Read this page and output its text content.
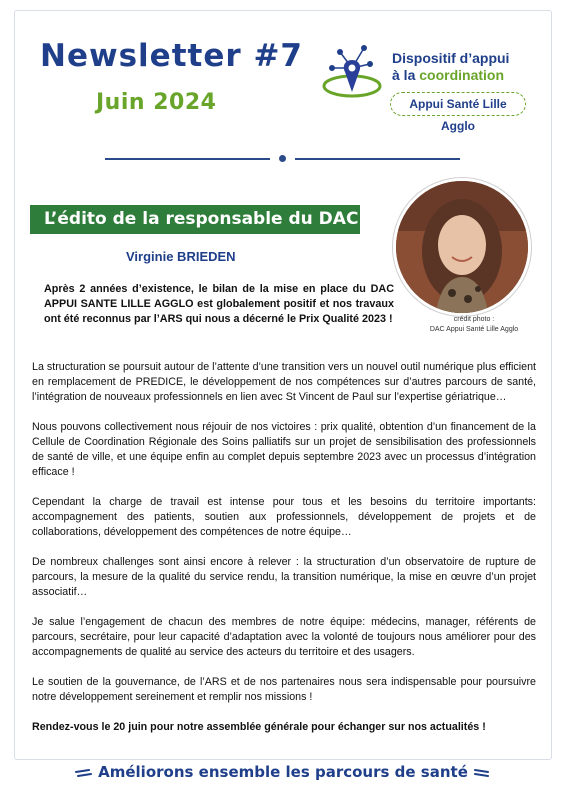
Newsletter #7
Juin 2024
Dispositif d’appui
à la coordination
Appui Santé Lille Agglo
L’édito de la responsable du DAC
crédit photo :
DAC Appui Santé Lille Agglo
Virginie BRIEDEN
Après 2 années d’existence, le bilan de la mise en place du DAC APPUI SANTE LILLE AGGLO est globalement positif et nos travaux ont été reconnus par l’ARS qui nous a décerné le Prix Qualité 2023 !

La structuration se poursuit autour de l’attente d’une transition vers un nouvel outil numérique plus efficient en remplacement de PREDICE, le développement de nos compétences sur d’autres parcours de santé, l’intégration de nouveaux professionnels en lien avec St Vincent de Paul sur l’expertise gériatrique…

Nous pouvons collectivement nous réjouir de nos victoires : prix qualité, obtention d’un financement de la Cellule de Coordination Régionale des Soins palliatifs sur un projet de sensibilisation des professionnels de santé de ville, et une équipe enfin au complet depuis septembre 2023 avec un processus d’intégration efficace !

Cependant la charge de travail est intense pour tous et les besoins du territoire importants: accompagnement des patients, soutien aux professionnels, développement de projets et de collaborations, développement des compétences de notre équipe…

De nombreux challenges sont ainsi encore à relever : la structuration d’un observatoire de rupture de parcours, la mesure de la qualité du service rendu, la transition numérique, la mise en œuvre d’un projet associatif…

Je salue l’engagement de chacun des membres de notre équipe: médecins, manager, référents de parcours, secrétaire, pour leur capacité d’adaptation avec la volonté de toujours nous améliorer pour des accompagnements de qualité au service des acteurs du territoire et des usagers.

Le soutien de la gouvernance, de l’ARS et de nos partenaires nous sera indispensable pour poursuivre notre développement sereinement et remplir nos missions !

Rendez-vous le 20 juin pour notre assemblée générale pour échanger sur nos actualités !

Améliorons ensemble les parcours de santé
